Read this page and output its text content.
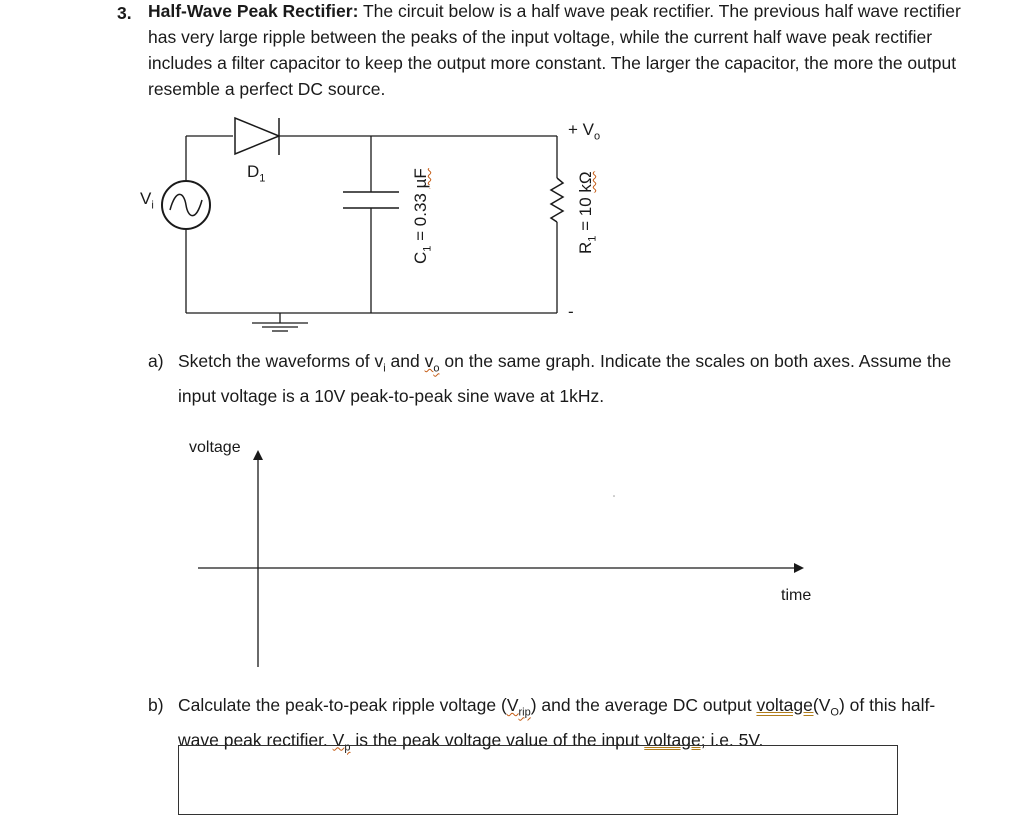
3. Half-Wave Peak Rectifier: The circuit below is a half wave peak rectifier. The previous half wave rectifier has very large ripple between the peaks of the input voltage, while the current half wave peak rectifier includes a filter capacitor to keep the output more constant. The larger the capacitor, the more the output resemble a perfect DC source.
+ $V_o$
-
$V_i$
$D_1$
$C_1 = 0.33$ µF
$R_1 = 10$ kΩ
a) Sketch the waveforms of $v_i$ and $v_o$ on the same graph. Indicate the scales on both axes. Assume the input voltage is a 10V peak-to-peak sine wave at 1kHz.
voltage
time
b) Calculate the peak-to-peak ripple voltage $(V_{rip})$ and the average DC output $voltage(V_O)$ of this half-wave peak rectifier. $V_p$ is the peak voltage value of the input voltage; i.e. 5V.
